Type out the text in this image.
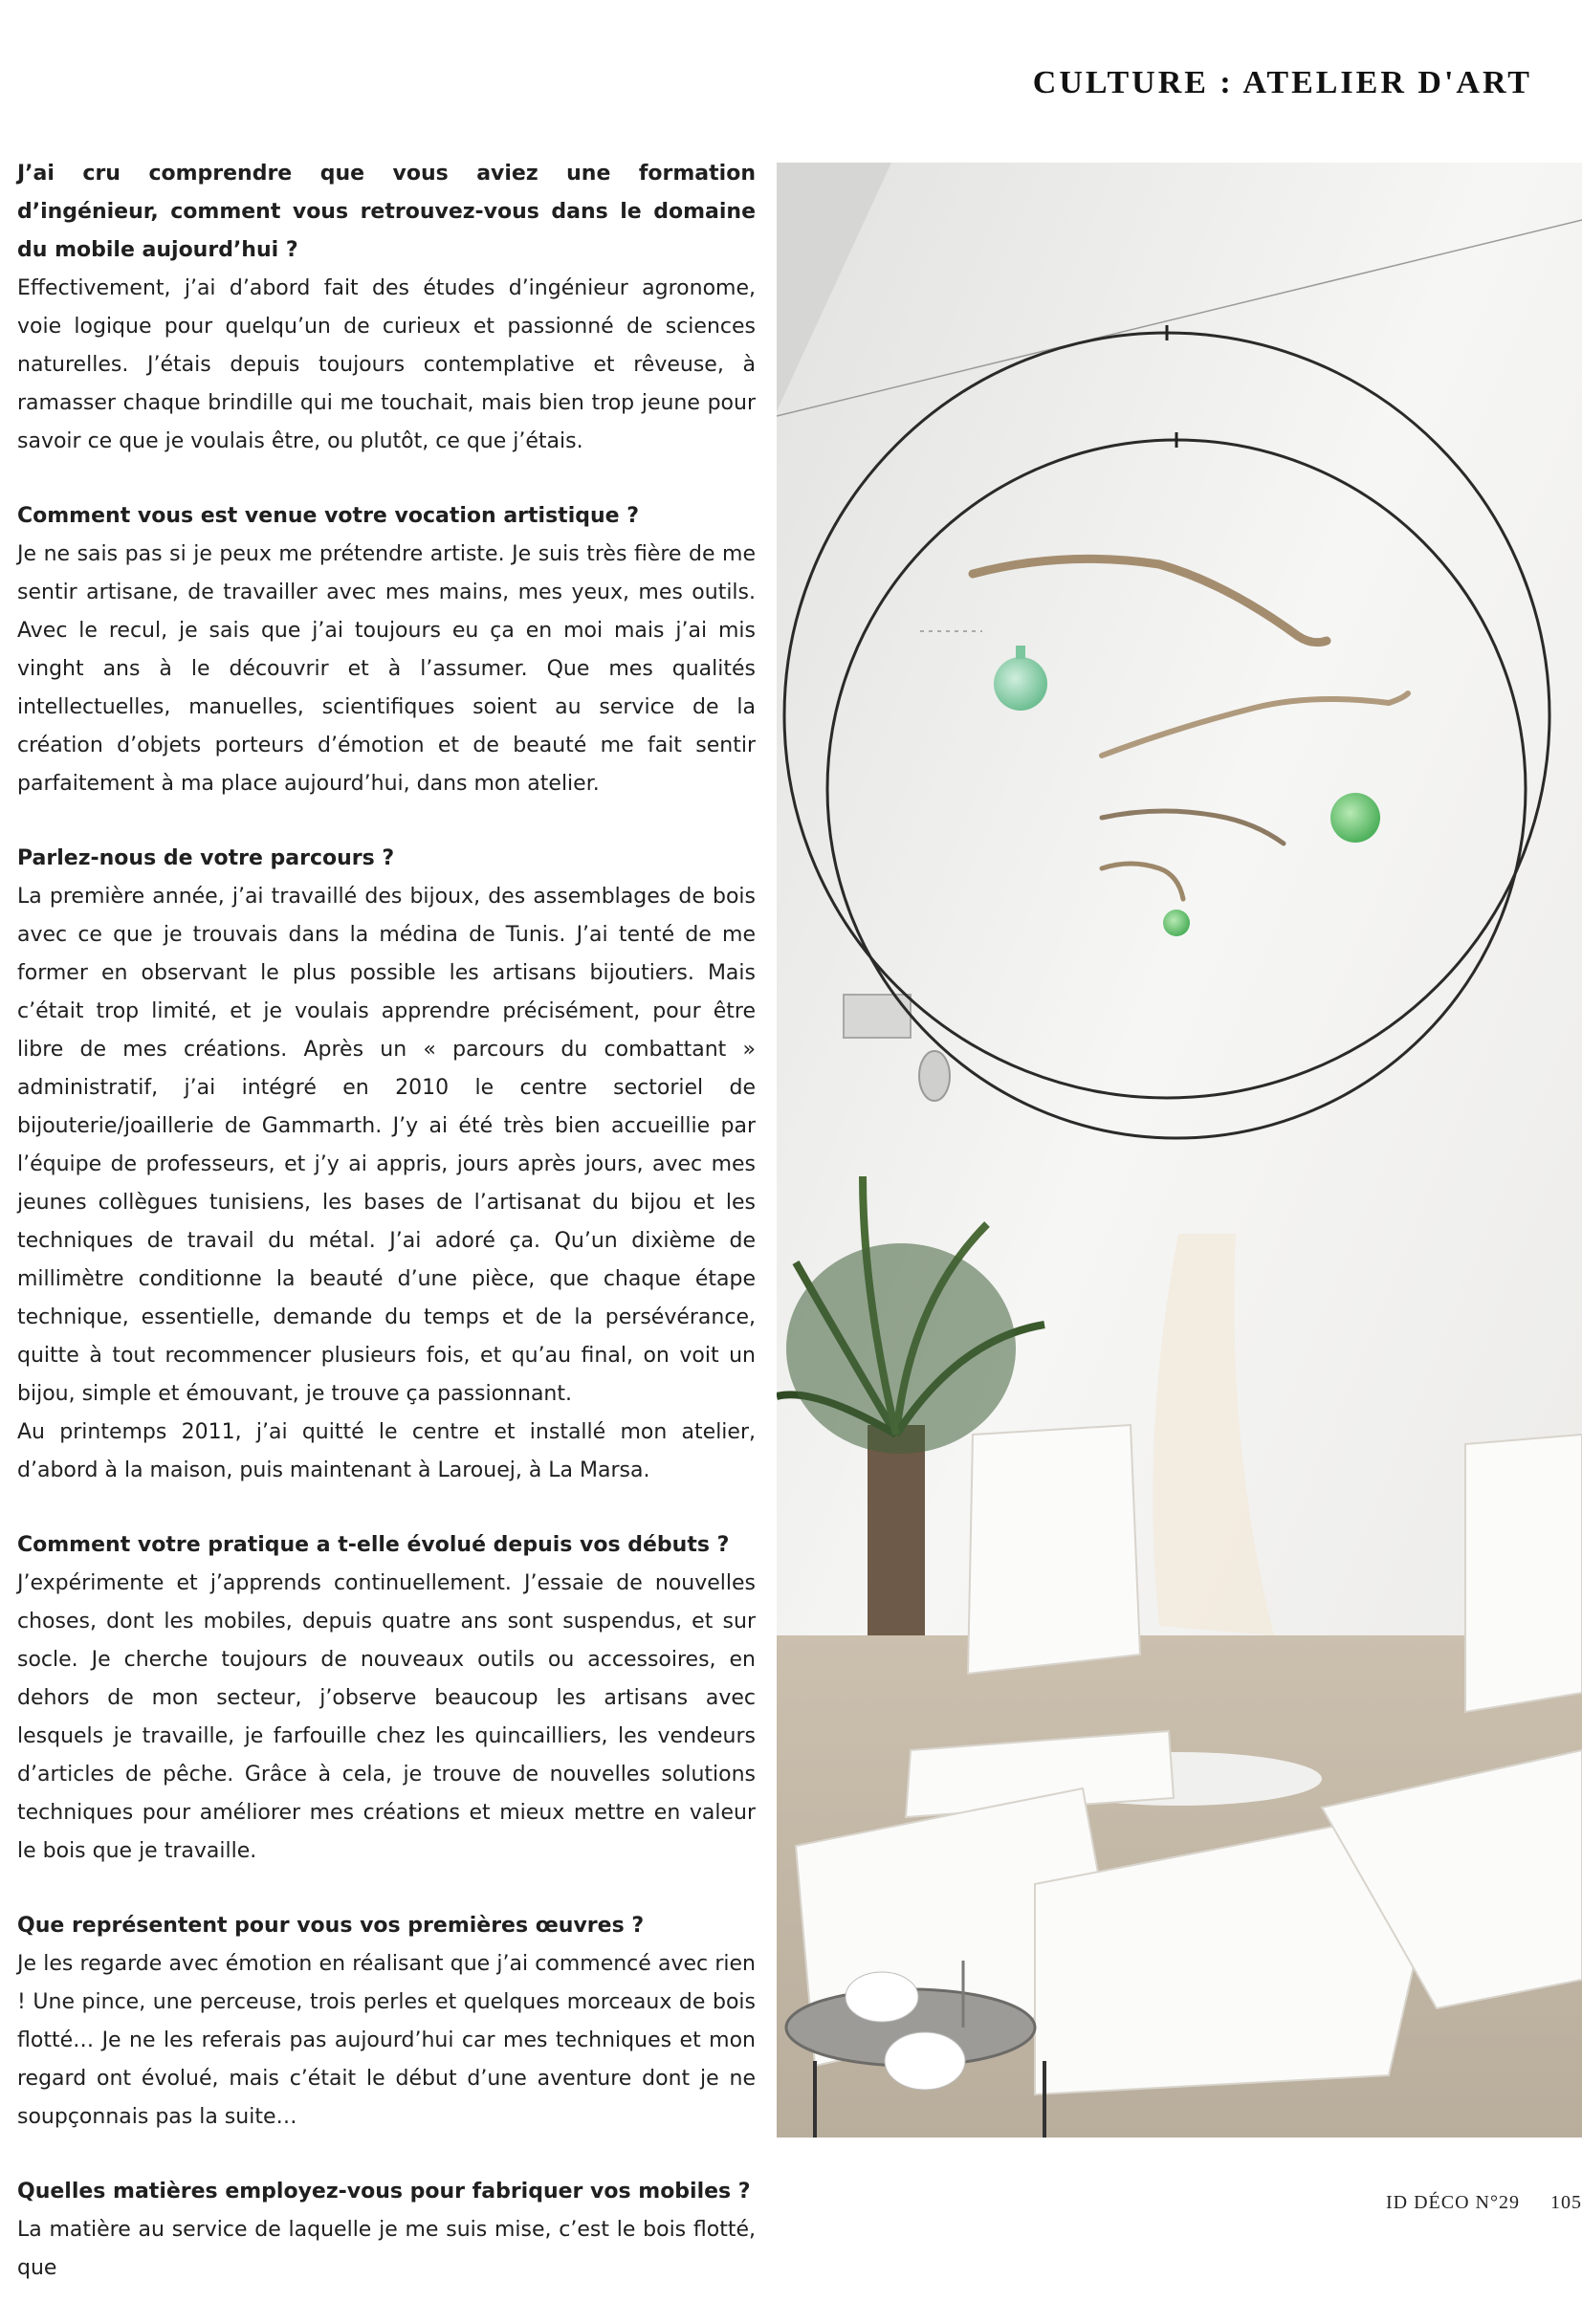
CULTURE : ATELIER D'ART

J’ai cru comprendre que vous aviez une formation d’ingénieur, comment vous retrouvez-vous dans le domaine du mobile aujourd’hui ?

Effectivement, j’ai d’abord fait des études d’ingénieur agronome, voie logique pour quelqu’un de curieux et passionné de sciences naturelles. J’étais depuis toujours contemplative et rêveuse, à ramasser chaque brindille qui me touchait, mais bien trop jeune pour savoir ce que je voulais être, ou plutôt, ce que j’étais.

Comment vous est venue votre vocation artistique ?

Je ne sais pas si je peux me prétendre artiste. Je suis très fière de me sentir artisane, de travailler avec mes mains, mes yeux, mes outils. Avec le recul, je sais que j’ai toujours eu ça en moi mais j’ai mis vinght ans à le découvrir et à l’assumer. Que mes qualités intellectuelles, manuelles, scientifiques soient au service de la création d’objets porteurs d’émotion et de beauté me fait sentir parfaitement à ma place aujourd’hui, dans mon atelier.

Parlez-nous de votre parcours ?

La première année, j’ai travaillé des bijoux, des assemblages de bois avec ce que je trouvais dans la médina de Tunis. J’ai tenté de me former en observant le plus possible les artisans bijoutiers. Mais c’était trop limité, et je voulais apprendre précisément, pour être libre de mes créations. Après un « parcours du combattant » administratif, j’ai intégré en 2010 le centre sectoriel de bijouterie/joaillerie de Gammarth. J’y ai été très bien accueillie par l’équipe de professeurs, et j’y ai appris, jours après jours, avec mes jeunes collègues tunisiens, les bases de l’artisanat du bijou et les techniques de travail du métal. J’ai adoré ça. Qu’un dixième de millimètre conditionne la beauté d’une pièce, que chaque étape technique, essentielle, demande du temps et de la persévérance, quitte à tout recommencer plusieurs fois, et qu’au final, on voit un bijou, simple et émouvant, je trouve ça passionnant.

Au printemps 2011, j’ai quitté le centre et installé mon atelier, d’abord à la maison, puis maintenant à Larouej, à La Marsa.

Comment votre pratique a t-elle évolué depuis vos débuts ?

J’expérimente et j’apprends continuellement. J’essaie de nouvelles choses, dont les mobiles, depuis quatre ans sont suspendus, et sur socle. Je cherche toujours de nouveaux outils ou accessoires, en dehors de mon secteur, j’observe beaucoup les artisans avec lesquels je travaille, je farfouille chez les quincailliers, les vendeurs d’articles de pêche. Grâce à cela, je trouve de nouvelles solutions techniques pour améliorer mes créations et mieux mettre en valeur le bois que je travaille.

Que représentent pour vous vos premières œuvres ?

Je les regarde avec émotion en réalisant que j’ai commencé avec rien ! Une pince, une perceuse, trois perles et quelques morceaux de bois flotté… Je ne les referais pas aujourd’hui car mes techniques et mon regard ont évolué, mais c’était le début d’une aventure dont je ne soupçonnais pas la suite…

Quelles matières employez-vous pour fabriquer vos mobiles ?

La matière au service de laquelle je me suis mise, c’est le bois flotté, que

ID DÉCO N°29 105
